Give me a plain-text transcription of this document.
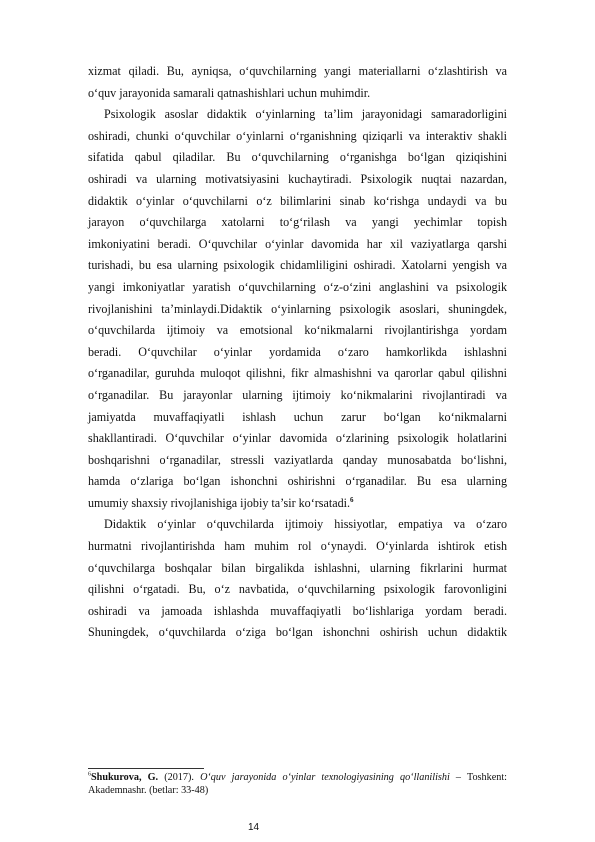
xizmat qiladi. Bu, ayniqsa, o‘quvchilarning yangi materiallarni o‘zlashtirish va
o‘quv jarayonida samarali qatnashishlari uchun muhimdir.
Psixologik asoslar didaktik o‘yinlarning ta’lim jarayonidagi samaradorligini
oshiradi, chunki o‘quvchilar o‘yinlarni o‘rganishning qiziqarli va interaktiv shakli
sifatida qabul qiladilar. Bu o‘quvchilarning o‘rganishga bo‘lgan qiziqishini
oshiradi va ularning motivatsiyasini kuchaytiradi. Psixologik nuqtai nazardan,
didaktik o‘yinlar o‘quvchilarni o‘z bilimlarini sinab ko‘rishga undaydi va bu
jarayon o‘quvchilarga xatolarni to‘g‘rilash va yangi yechimlar topish
imkoniyatini beradi. O‘quvchilar o‘yinlar davomida har xil vaziyatlarga qarshi
turishadi, bu esa ularning psixologik chidamliligini oshiradi. Xatolarni yengish va
yangi imkoniyatlar yaratish o‘quvchilarning o‘z-o‘zini anglashini va psixologik
rivojlanishini ta’minlaydi.Didaktik o‘yinlarning psixologik asoslari, shuningdek,
o‘quvchilarda ijtimoiy va emotsional ko‘nikmalarni rivojlantirishga yordam
beradi. O‘quvchilar o‘yinlar yordamida o‘zaro hamkorlikda ishlashni
o‘rganadilar, guruhda muloqot qilishni, fikr almashishni va qarorlar qabul qilishni
o‘rganadilar. Bu jarayonlar ularning ijtimoiy ko‘nikmalarini rivojlantiradi va
jamiyatda muvaffaqiyatli ishlash uchun zarur bo‘lgan ko‘nikmalarni
shakllantiradi. O‘quvchilar o‘yinlar davomida o‘zlarining psixologik holatlarini
boshqarishni o‘rganadilar, stressli vaziyatlarda qanday munosabatda bo‘lishni,
hamda o‘zlariga bo‘lgan ishonchni oshirishni o‘rganadilar. Bu esa ularning
umumiy shaxsiy rivojlanishiga ijobiy ta’sir ko‘rsatadi.$^6$
Didaktik o‘yinlar o‘quvchilarda ijtimoiy hissiyotlar, empatiya va o‘zaro
hurmatni rivojlantirishda ham muhim rol o‘ynaydi. O‘yinlarda ishtirok etish
o‘quvchilarga boshqalar bilan birgalikda ishlashni, ularning fikrlarini hurmat
qilishni o‘rgatadi. Bu, o‘z navbatida, o‘quvchilarning psixologik farovonligini
oshiradi va jamoada ishlashda muvaffaqiyatli bo‘lishlariga yordam beradi.
Shuningdek, o‘quvchilarda o‘ziga bo‘lgan ishonchni oshirish uchun didaktik
$^6$Shukurova, G. (2017). O‘quv jarayonida o‘yinlar texnologiyasining qo‘llanilishi – Toshkent:
Akademnashr. (betlar: 33-48)
14
